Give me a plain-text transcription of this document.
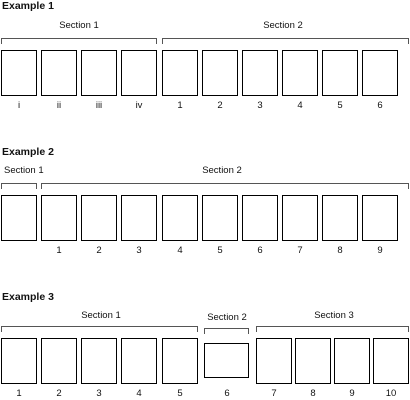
Example 1
Section 1	Section 2
i	ii	iii	iv	1	2	3	4	5	6
Example 2
Section 1	Section 2
1	2	3	4	5	6	7	8	9
Example 3
Section 1	Section 2	Section 3
1	2	3	4	5	6	7	8	9	10
